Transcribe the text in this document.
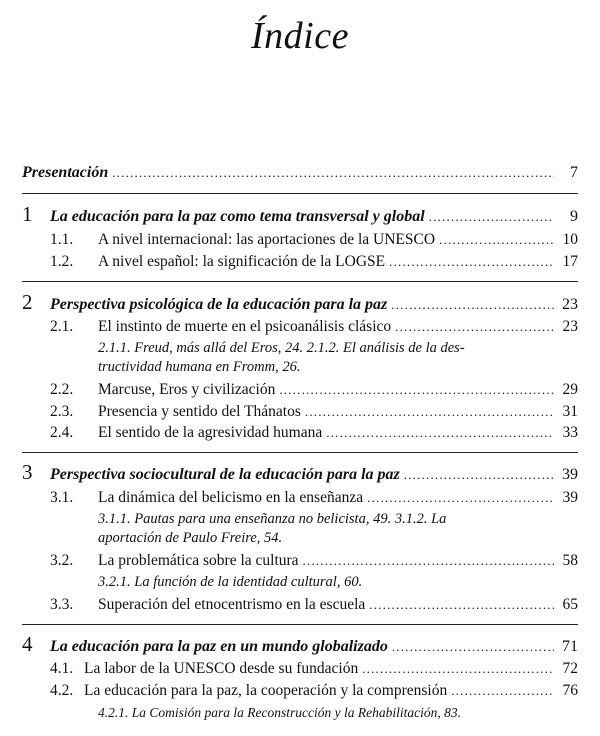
Índice
Presentación .....	7
1	La educación para la paz como tema transversal y global .....	9
1.1.	A nivel internacional: las aportaciones de la UNESCO .....	10
1.2.	A nivel español: la significación de la LOGSE .....	17
2	Perspectiva psicológica de la educación para la paz .....	23
2.1.	El instinto de muerte en el psicoanálisis clásico .....	23
2.1.1. Freud, más allá del Eros, 24. 2.1.2. El análisis de la des-
tructividad humana en Fromm, 26.
2.2.	Marcuse, Eros y civilización .....	29
2.3.	Presencia y sentido del Thánatos .....	31
2.4.	El sentido de la agresividad humana .....	33
3	Perspectiva sociocultural de la educación para la paz .....	39
3.1.	La dinámica del belicismo en la enseñanza .....	39
3.1.1. Pautas para una enseñanza no belicista, 49. 3.1.2. La
aportación de Paulo Freire, 54.
3.2.	La problemática sobre la cultura .....	58
3.2.1. La función de la identidad cultural, 60.
3.3.	Superación del etnocentrismo en la escuela .....	65
4	La educación para la paz en un mundo globalizado .....	71
4.1. La labor de la UNESCO desde su fundación .....	72
4.2. La educación para la paz, la cooperación y la comprensión .....	76
4.2.1. La Comisión para la Reconstrucción y la Rehabilitación, 83.
